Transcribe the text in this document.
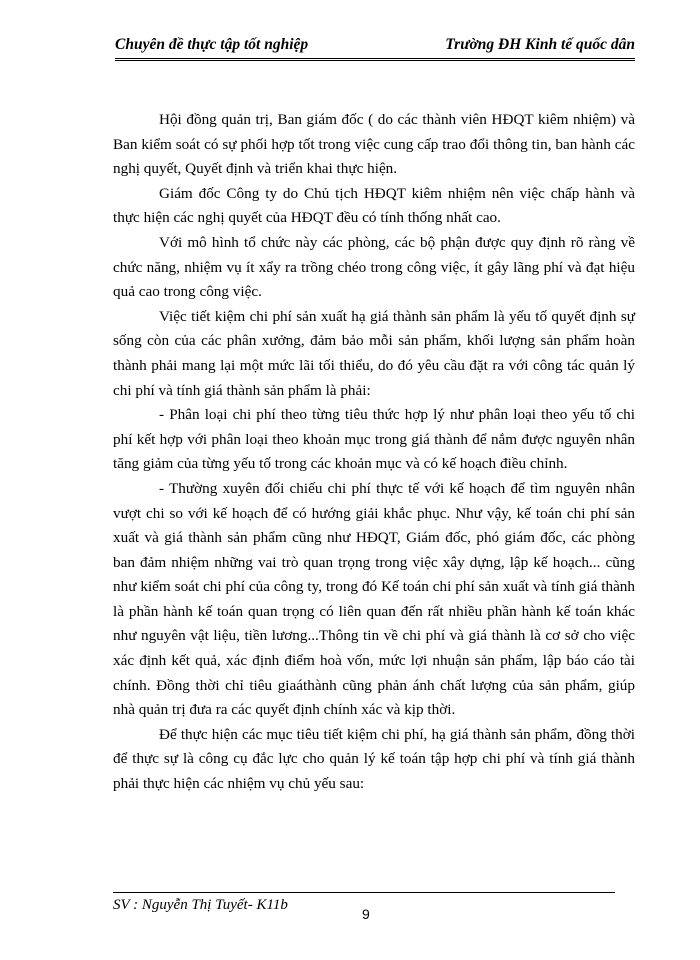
Chuyên đề thực tập tốt nghiệp	Trường ĐH Kinh tế quốc dân

Hội đồng quản trị, Ban giám đốc ( do các thành viên HĐQT kiêm nhiệm) và Ban kiểm soát có sự phối hợp tốt trong việc cung cấp trao đổi thông tin, ban hành các nghị quyết, Quyết định và triển khai thực hiện.

Giám đốc Công ty do Chủ tịch HĐQT kiêm nhiệm nên việc chấp hành và thực hiện các nghị quyết của HĐQT đều có tính thống nhất cao.

Với mô hình tổ chức này các phòng, các bộ phận được quy định rõ ràng về chức năng, nhiệm vụ ít xẩy ra trồng chéo trong công việc, ít gây lãng phí và đạt hiệu quả cao trong công việc.

Việc tiết kiệm chi phí sản xuất hạ giá thành sản phẩm là yếu tố quyết định sự sống còn của các phân xưởng, đảm bảo mỗi sản phẩm, khối lượng sản phẩm hoàn thành phải mang lại một mức lãi tối thiểu, do đó yêu cầu đặt ra với công tác quản lý chi phí và tính giá thành sản phẩm là phải:

- Phân loại chi phí theo từng tiêu thức hợp lý như phân loại theo yếu tố chi phí kết hợp với phân loại theo khoản mục trong giá thành để nắm được nguyên nhân tăng giảm của từng yếu tố trong các khoản mục và có kế hoạch điều chỉnh.

- Thường xuyên đối chiếu chi phí thực tế với kế hoạch để tìm nguyên nhân vượt chi so với kế hoạch để có hướng giải khắc phục. Như vậy, kế toán chi phí sản xuất và giá thành sản phẩm cũng như HĐQT, Giám đốc, phó giám đốc, các phòng ban đảm nhiệm những vai trò quan trọng trong việc xây dựng, lập kế hoạch... cũng như kiểm soát chi phí của công ty, trong đó Kế toán chi phí sản xuất và tính giá thành là phần hành kế toán quan trọng có liên quan đến rất nhiều phần hành kế toán khác như nguyên vật liệu, tiền lương...Thông tin về chi phí và giá thành là cơ sở cho việc xác định kết quả, xác định điểm hoà vốn, mức lợi nhuận sản phẩm, lập báo cáo tài chính. Đồng thời chỉ tiêu giaáthành cũng phản ánh chất lượng của sản phẩm, giúp nhà quản trị đưa ra các quyết định chính xác và kịp thời.

Để thực hiện các mục tiêu tiết kiệm chi phí, hạ giá thành sản phẩm, đồng thời để thực sự là công cụ đắc lực cho quản lý kế toán tập hợp chi phí và tính giá thành phải thực hiện các nhiệm vụ chủ yếu sau:

SV : Nguyễn Thị Tuyết- K11b
9
